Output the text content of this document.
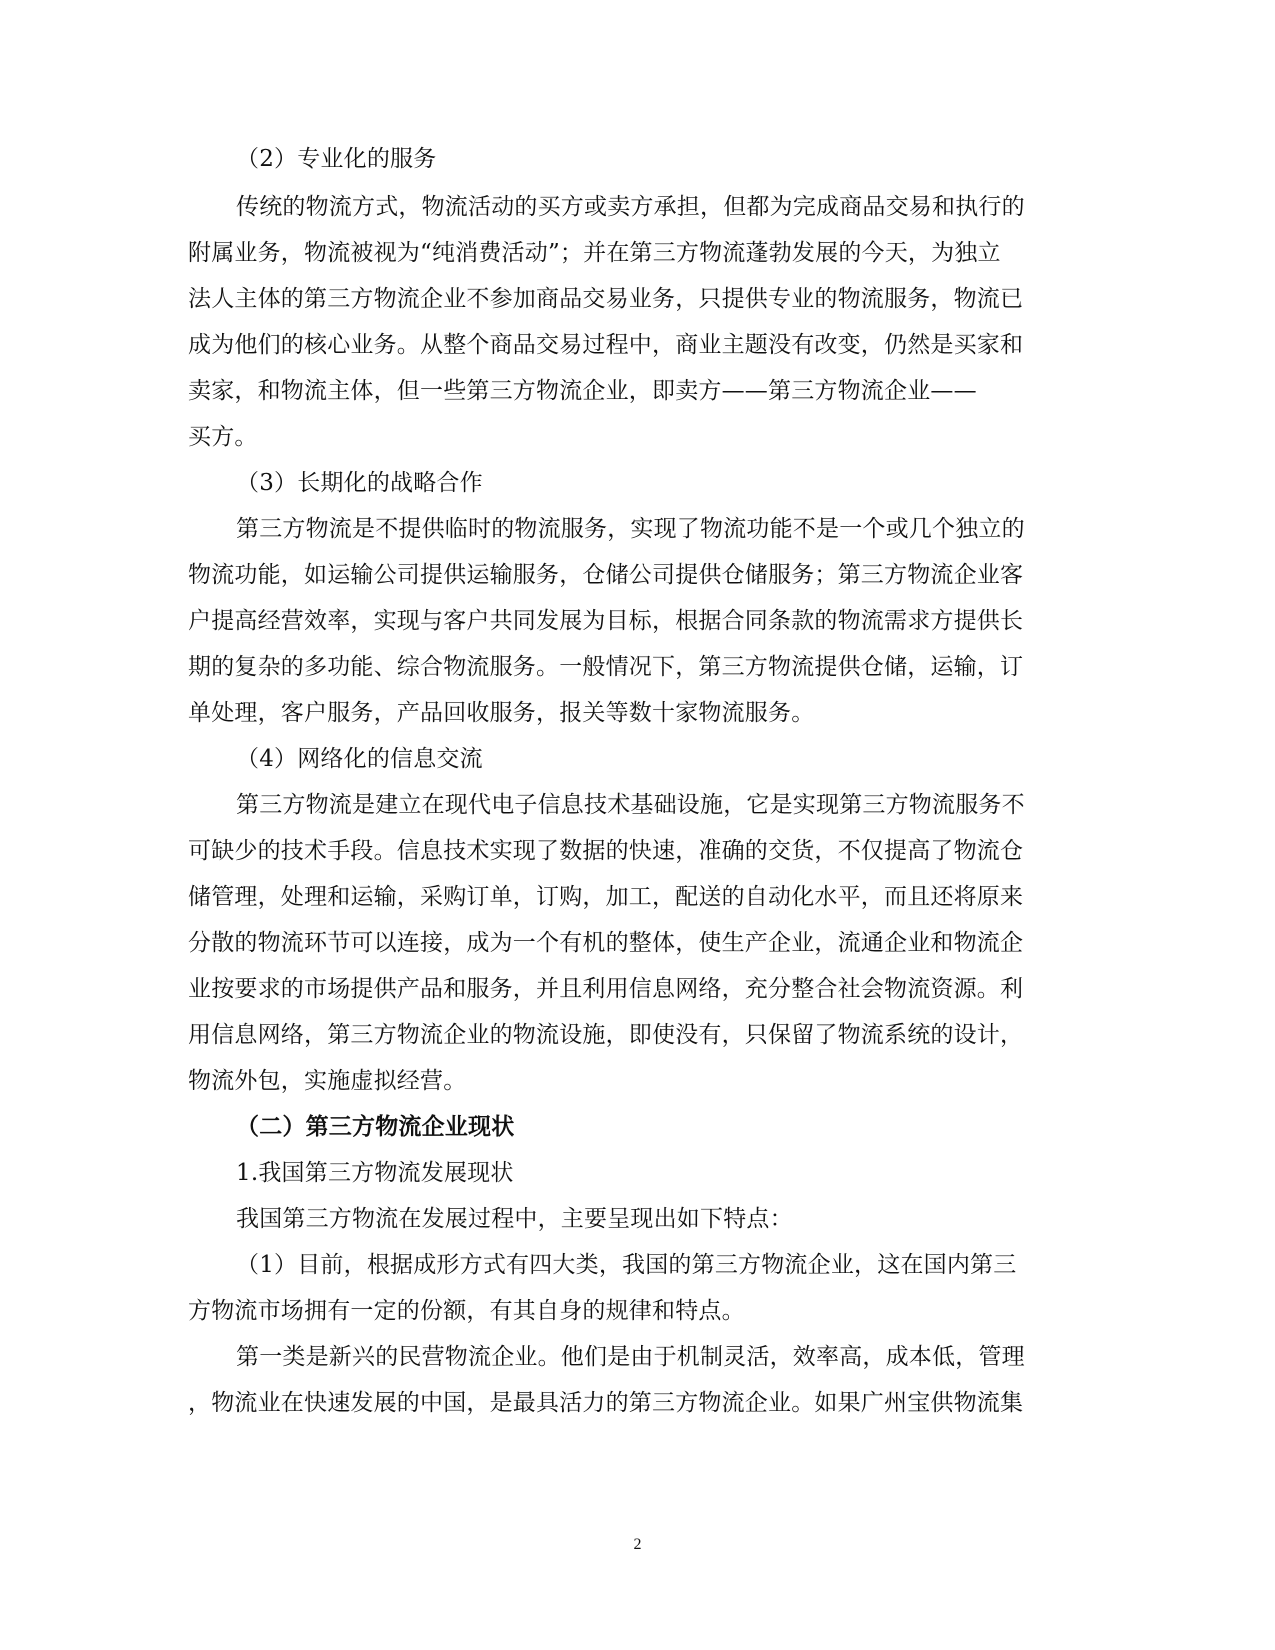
（2）专业化的服务
传统的物流方式，物流活动的买方或卖方承担，但都为完成商品交易和执行的
附属业务，物流被视为“纯消费活动”；并在第三方物流蓬勃发展的今天，为独立
法人主体的第三方物流企业不参加商品交易业务，只提供专业的物流服务，物流已
成为他们的核心业务。从整个商品交易过程中，商业主题没有改变，仍然是买家和
卖家，和物流主体，但一些第三方物流企业，即卖方——第三方物流企业——
买方。
（3）长期化的战略合作
第三方物流是不提供临时的物流服务，实现了物流功能不是一个或几个独立的
物流功能，如运输公司提供运输服务，仓储公司提供仓储服务；第三方物流企业客
户提高经营效率，实现与客户共同发展为目标，根据合同条款的物流需求方提供长
期的复杂的多功能、综合物流服务。一般情况下，第三方物流提供仓储，运输，订
单处理，客户服务，产品回收服务，报关等数十家物流服务。
（4）网络化的信息交流
第三方物流是建立在现代电子信息技术基础设施，它是实现第三方物流服务不
可缺少的技术手段。信息技术实现了数据的快速，准确的交货，不仅提高了物流仓
储管理，处理和运输，采购订单，订购，加工，配送的自动化水平，而且还将原来
分散的物流环节可以连接，成为一个有机的整体，使生产企业，流通企业和物流企
业按要求的市场提供产品和服务，并且利用信息网络，充分整合社会物流资源。利
用信息网络，第三方物流企业的物流设施，即使没有，只保留了物流系统的设计，
物流外包，实施虚拟经营。
（二）第三方物流企业现状
1.我国第三方物流发展现状
我国第三方物流在发展过程中，主要呈现出如下特点：
（1）目前，根据成形方式有四大类，我国的第三方物流企业，这在国内第三
方物流市场拥有一定的份额，有其自身的规律和特点。
第一类是新兴的民营物流企业。他们是由于机制灵活，效率高，成本低，管理
，物流业在快速发展的中国，是最具活力的第三方物流企业。如果广州宝供物流集
2
